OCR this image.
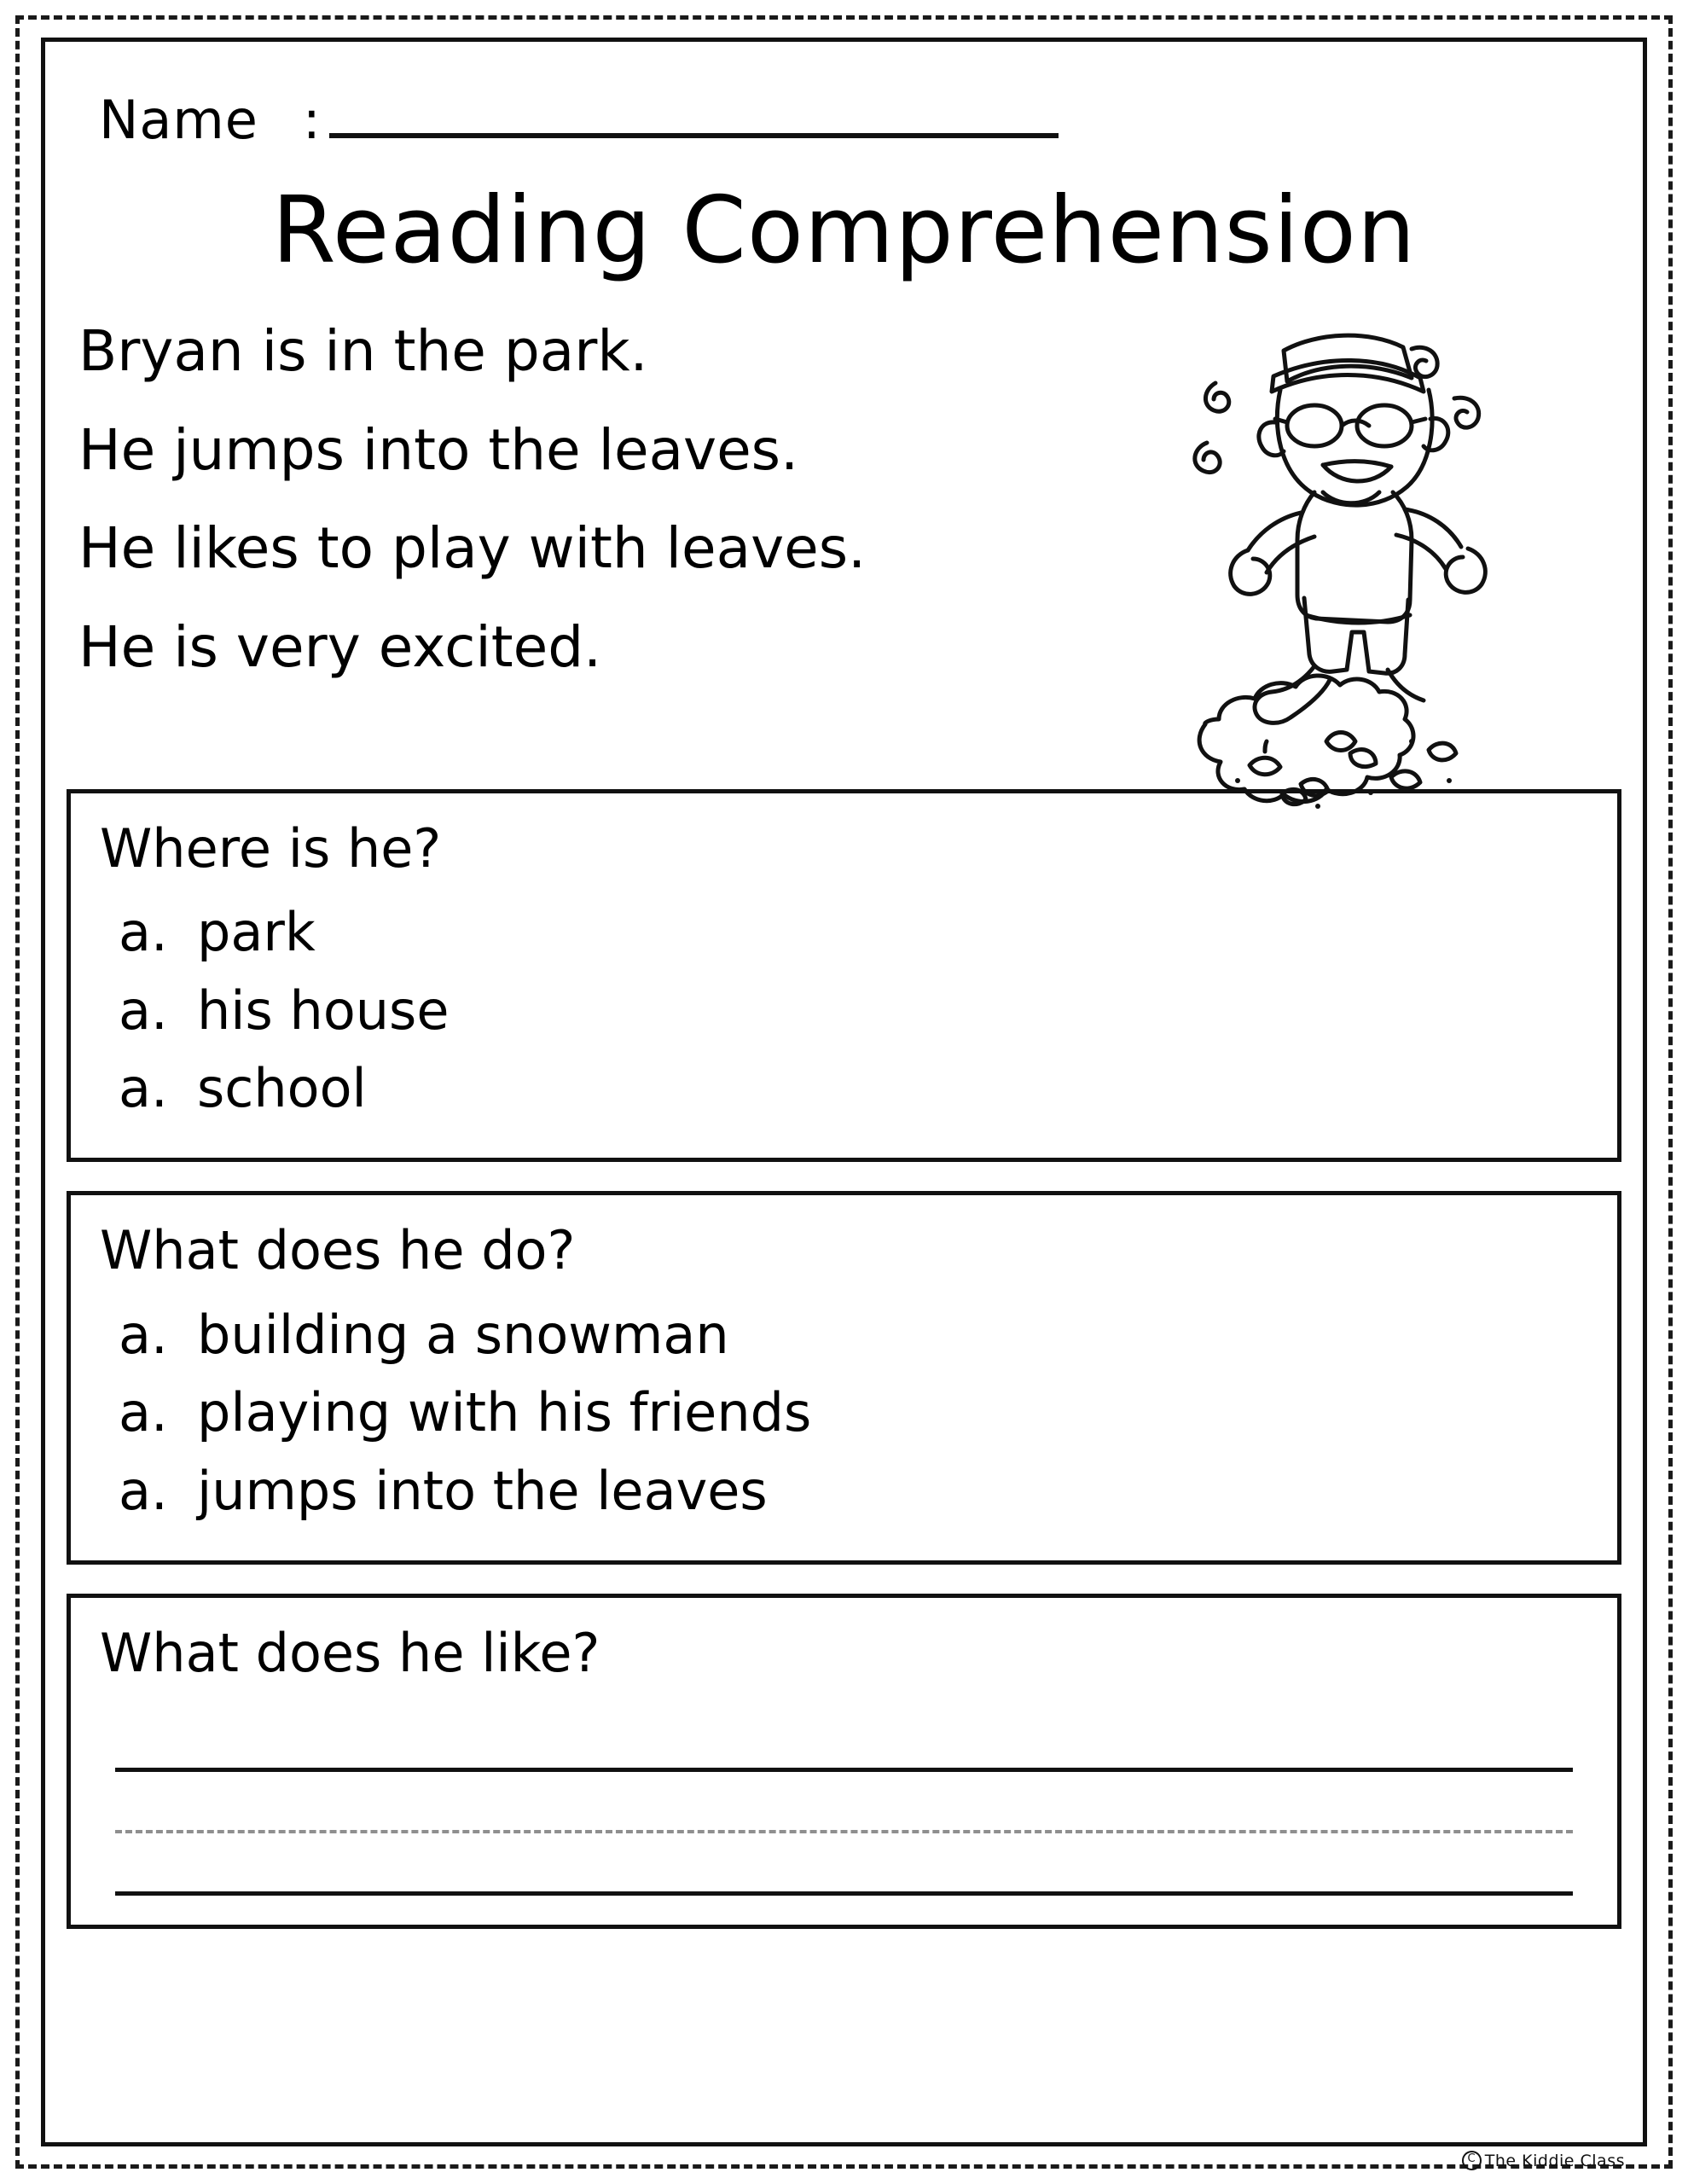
Name :
Reading Comprehension
Bryan is in the park.
He jumps into the leaves.
He likes to play with leaves.
He is very excited.
Where is he?
a. park
a. his house
a. school
What does he do?
a. building a snowman
a. playing with his friends
a. jumps into the leaves
What does he like?
C The Kiddie Class
